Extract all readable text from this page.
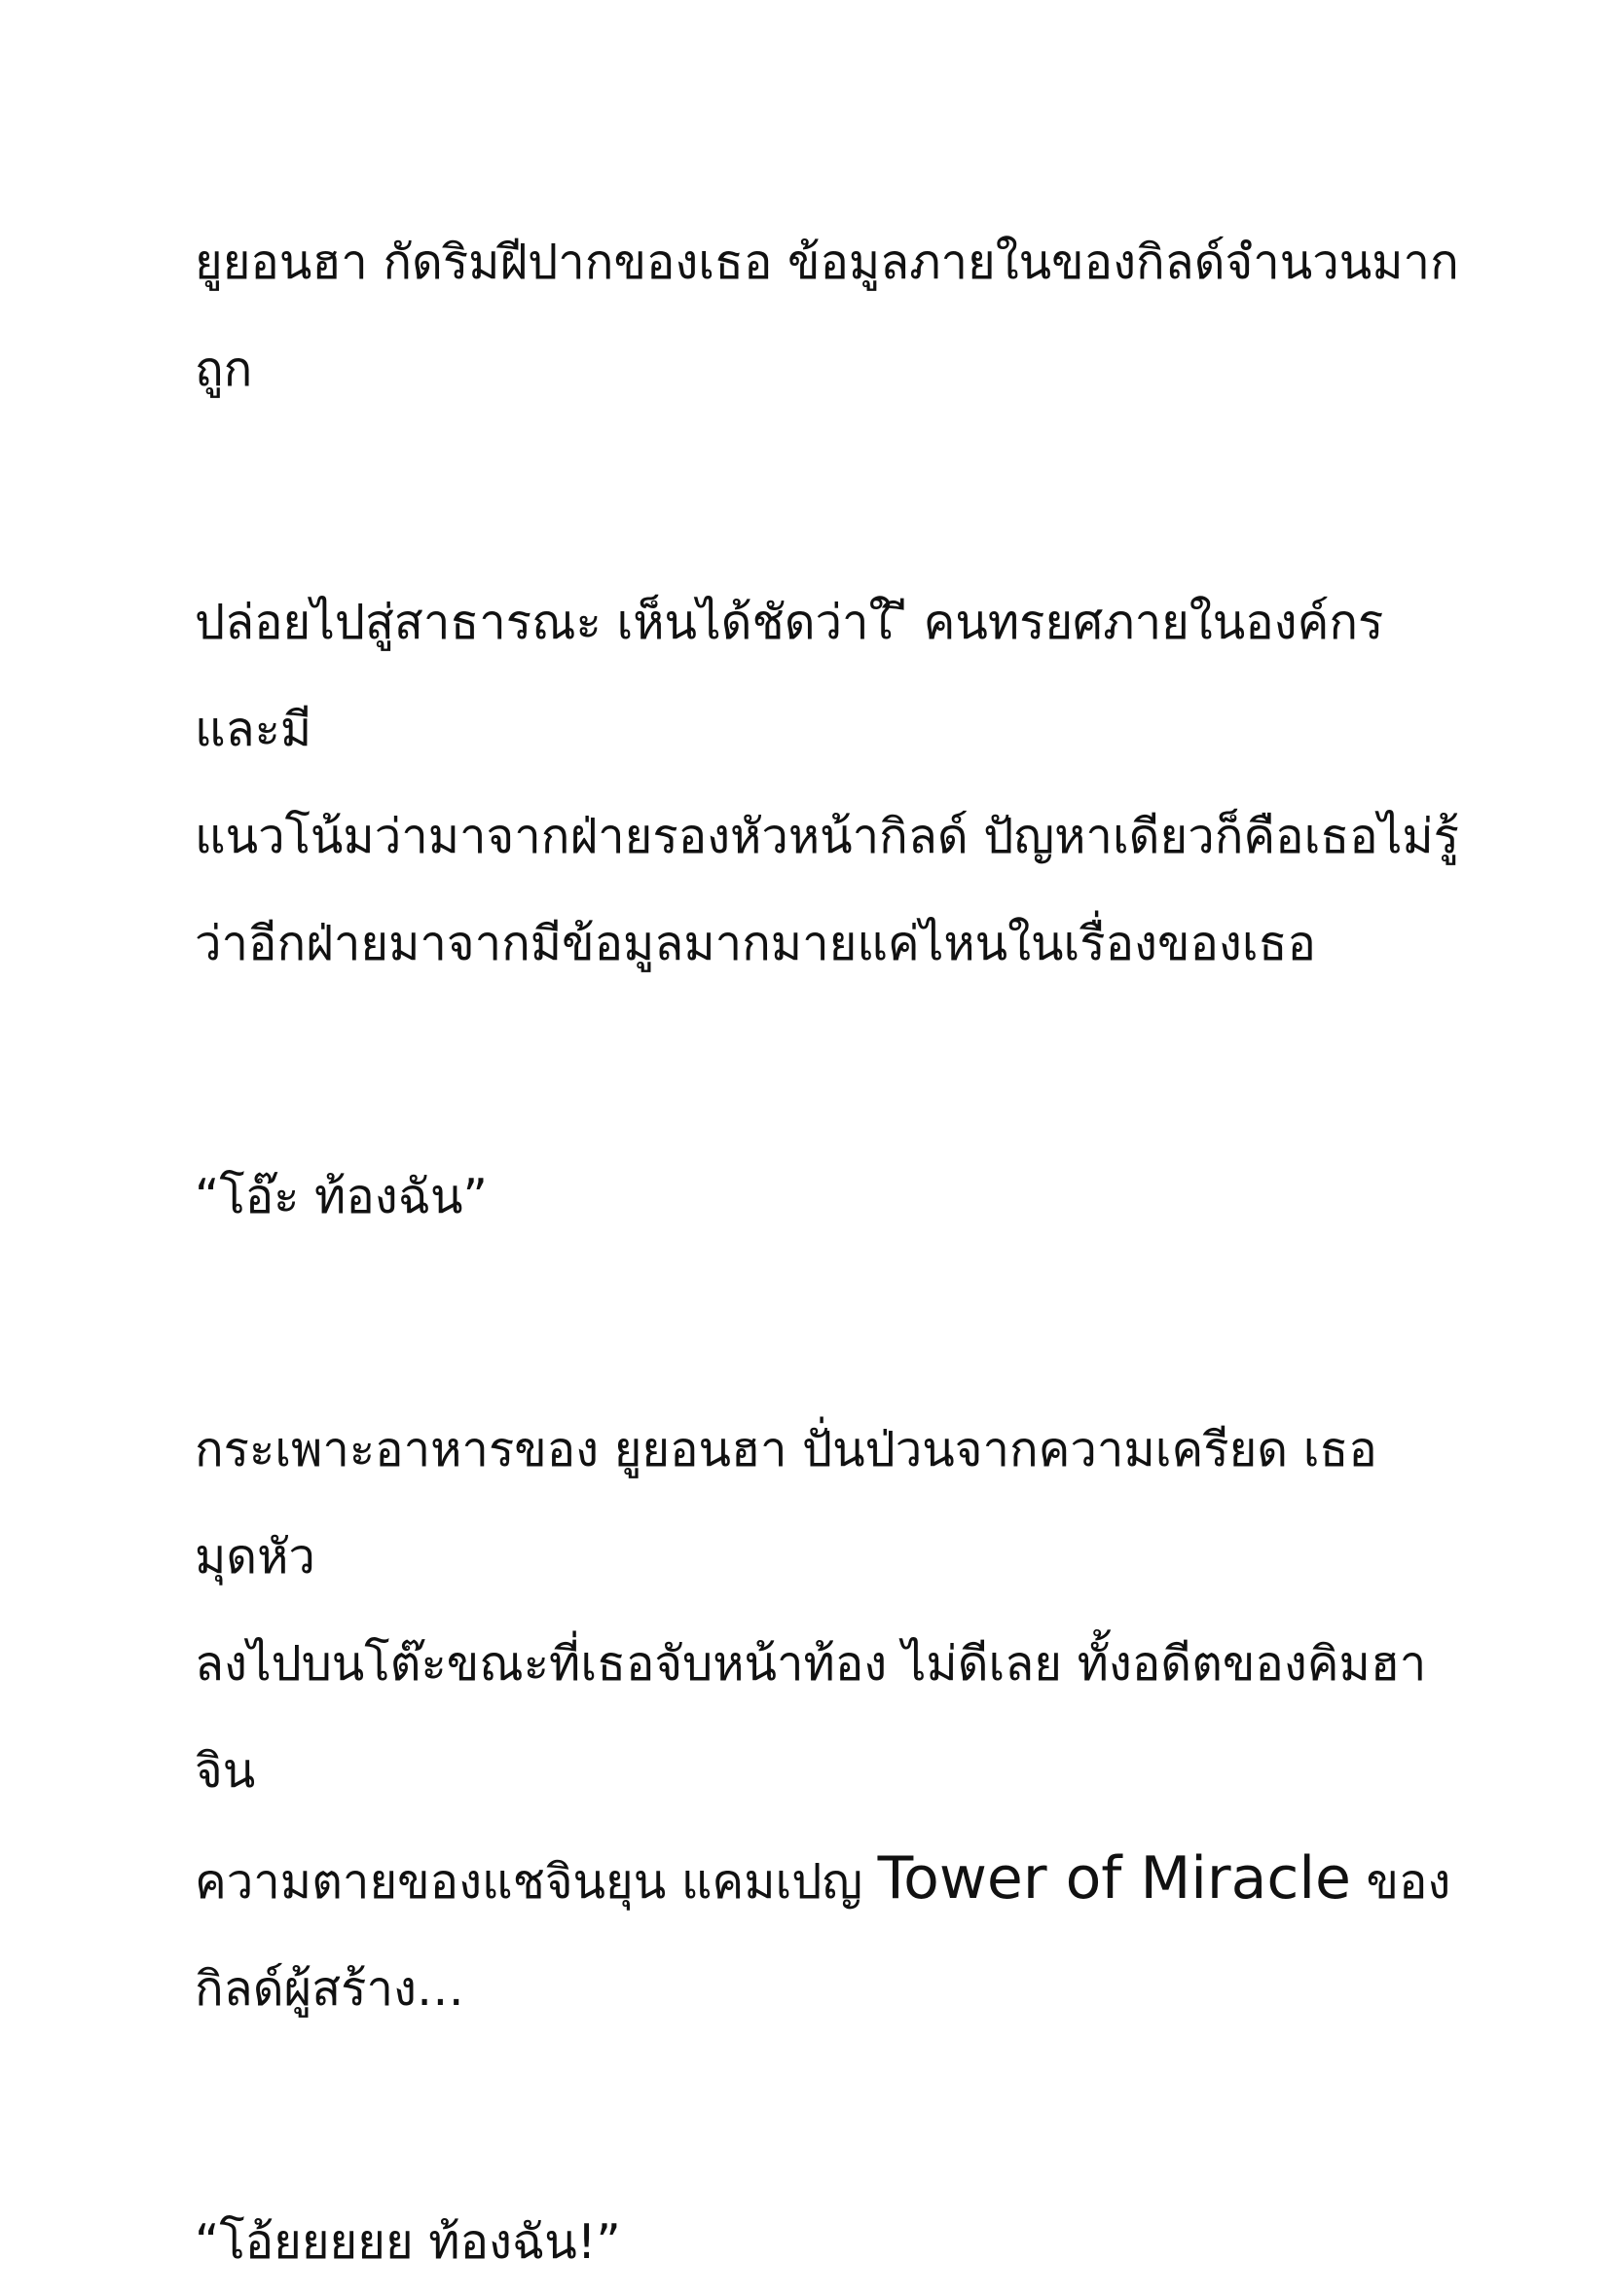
ยูยอนฮา กัดริมฝีปากของเธอ ข้อมูลภายในของกิลด์จำนวนมาก
ถูก

ปล่อยไปสู่สาธารณะ เห็นได้ชัดว่าใ ี คนทรยศภายในองค์กรและมี
แนวโน้มว่ามาจากฝ่ายรองหัวหน้ากิลด์ ปัญหาเดียวก็คือเธอไม่รู้
ว่าอีกฝ่ายมาจากมีข้อมูลมากมายแค่ไหนในเรื่องของเธอ

“โอ๊ะ ท้องฉัน”

กระเพาะอาหารของ ยูยอนฮา ปั่นป่วนจากความเครียด เธอมุดหัว
ลงไปบนโต๊ะขณะที่เธอจับหน้าท้อง ไม่ดีเลย ทั้งอดีตของคิมฮาจิน
ความตายของแชจินยุน แคมเปญ Tower of Miracle ของ
กิลด์ผู้สร้าง…

“โอ้ยยยยย ท้องฉัน!”
